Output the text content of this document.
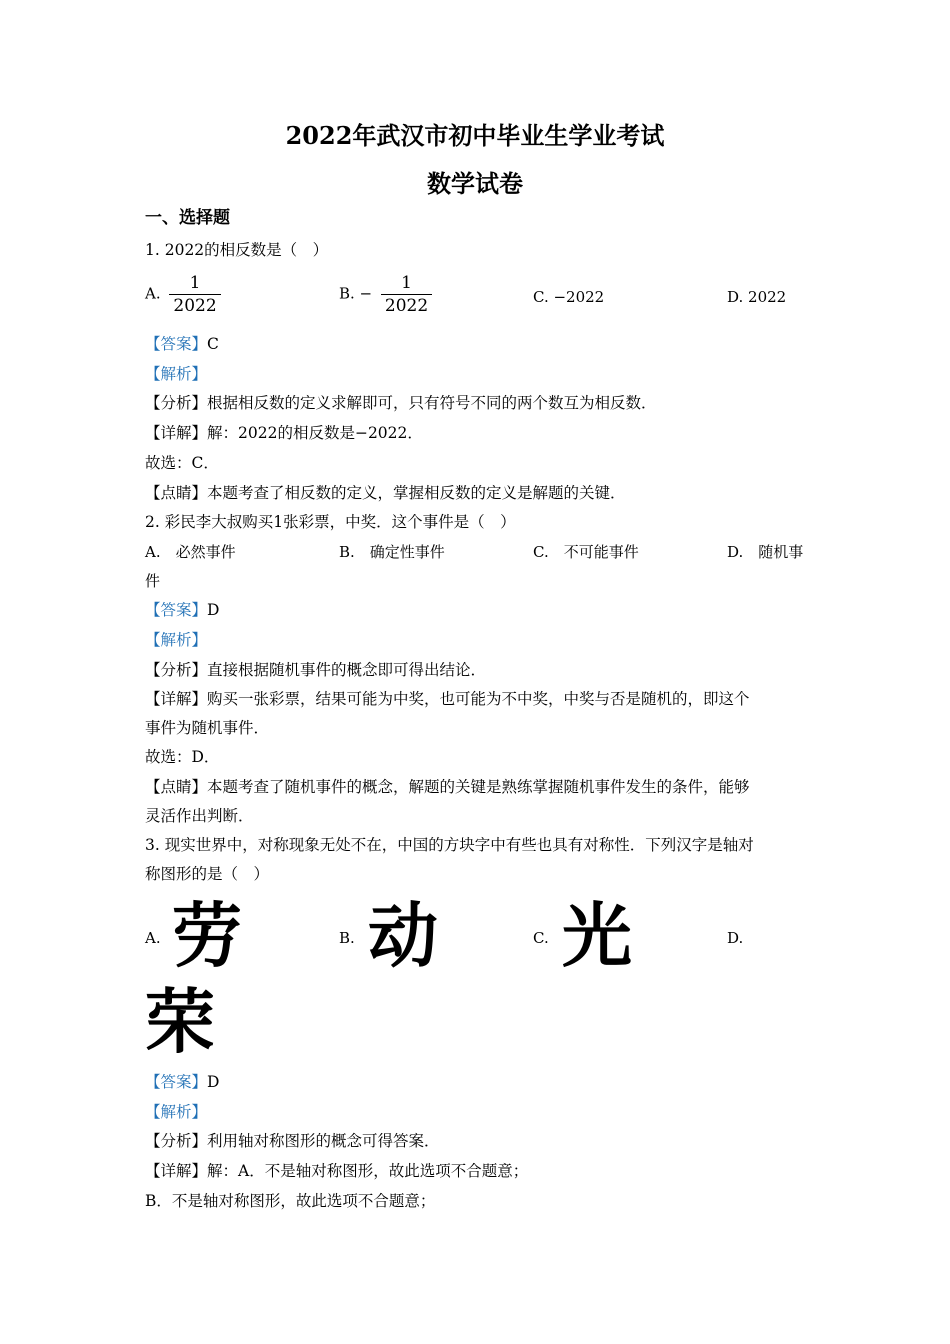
2022年武汉市初中毕业生学业考试
数学试卷
一、选择题
1. 2022的相反数是（　）
A. $\frac{1}{2022}$	B. − $\frac{1}{2022}$	C. −2022	D. 2022
【答案】C
【解析】
【分析】根据相反数的定义求解即可，只有符号不同的两个数互为相反数．
【详解】解：2022的相反数是−2022．
故选：C．
【点睛】本题考查了相反数的定义，掌握相反数的定义是解题的关键．
2. 彩民李大叔购买1张彩票，中奖．这个事件是（　）
A.　必然事件	B.　确定性事件	C.　不可能事件	D.　随机事
件
【答案】D
【解析】
【分析】直接根据随机事件的概念即可得出结论．
【详解】购买一张彩票，结果可能为中奖，也可能为不中奖，中奖与否是随机的，即这个
事件为随机事件．
故选：D．
【点睛】本题考查了随机事件的概念，解题的关键是熟练掌握随机事件发生的条件，能够
灵活作出判断．
3. 现实世界中，对称现象无处不在，中国的方块字中有些也具有对称性．下列汉字是轴对
称图形的是（　）
A. 劳	B. 动	C. 光	D.
荣
【答案】D
【解析】
【分析】利用轴对称图形的概念可得答案．
【详解】解：A．不是轴对称图形，故此选项不合题意；
B．不是轴对称图形，故此选项不合题意；
